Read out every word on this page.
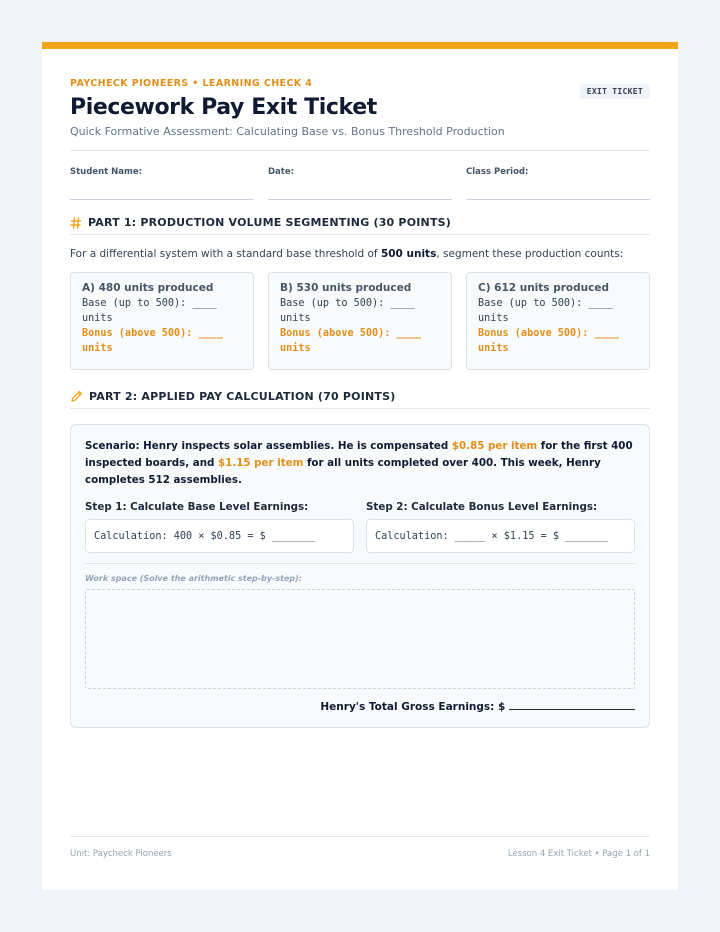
PAYCHECK PIONEERS • LEARNING CHECK 4
EXIT TICKET
Piecework Pay Exit Ticket
Quick Formative Assessment: Calculating Base vs. Bonus Threshold Production
Student Name:	Date:	Class Period:
PART 1: PRODUCTION VOLUME SEGMENTING (30 POINTS)
For a differential system with a standard base threshold of 500 units, segment these production counts:
A) 480 units produced
Base (up to 500): ____ units
Bonus (above 500): ____ units
B) 530 units produced
Base (up to 500): ____ units
Bonus (above 500): ____ units
C) 612 units produced
Base (up to 500): ____ units
Bonus (above 500): ____ units
PART 2: APPLIED PAY CALCULATION (70 POINTS)
Scenario: Henry inspects solar assemblies. He is compensated $0.85 per item for the first 400 inspected boards, and $1.15 per item for all units completed over 400. This week, Henry completes 512 assemblies.
Step 1: Calculate Base Level Earnings:
Calculation: 400 × $0.85 = $ _______
Step 2: Calculate Bonus Level Earnings:
Calculation: _____ × $1.15 = $ _______
Work space (Solve the arithmetic step-by-step):
Henry's Total Gross Earnings: $
Unit: Paycheck Pioneers	Lesson 4 Exit Ticket • Page 1 of 1
